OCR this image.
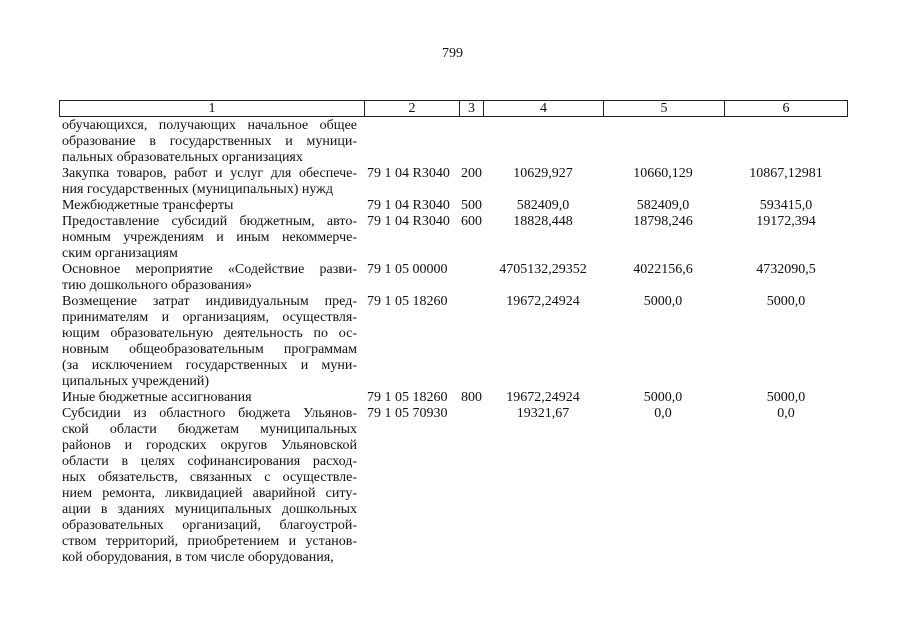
799
1	2	3	4	5	6
обучающихся, получающих начальное общее
образование в государственных и муници-
пальных образовательных организациях
Закупка товаров, работ и услуг для обеспече-
ния государственных (муниципальных) нужд
79 1 04 R3040 200	10629,927	10660,129	10867,12981
Межбюджетные трансферты	79 1 04 R3040 500	582409,0	582409,0	593415,0
Предоставление субсидий бюджетным, авто-
номным учреждениям и иным некоммерче-
ским организациям
79 1 04 R3040 600	18828,448	18798,246	19172,394
Основное мероприятие «Содействие разви-
тию дошкольного образования»
79 1 05 00000	4705132,29352	4022156,6	4732090,5
Возмещение затрат индивидуальным пред-
принимателям и организациям, осуществля-
ющим образовательную деятельность по ос-
новным общеобразовательным программам
(за исключением государственных и муни-
ципальных учреждений)
79 1 05 18260	19672,24924	5000,0	5000,0
Иные бюджетные ассигнования	79 1 05 18260 800	19672,24924	5000,0	5000,0
Субсидии из областного бюджета Ульянов-
ской области бюджетам муниципальных
районов и городских округов Ульяновской
области в целях софинансирования расход-
ных обязательств, связанных с осуществле-
нием ремонта, ликвидацией аварийной ситу-
ации в зданиях муниципальных дошкольных
образовательных организаций, благоустрой-
ством территорий, приобретением и установ-
кой оборудования, в том числе оборудования,
79 1 05 70930	19321,67	0,0	0,0
